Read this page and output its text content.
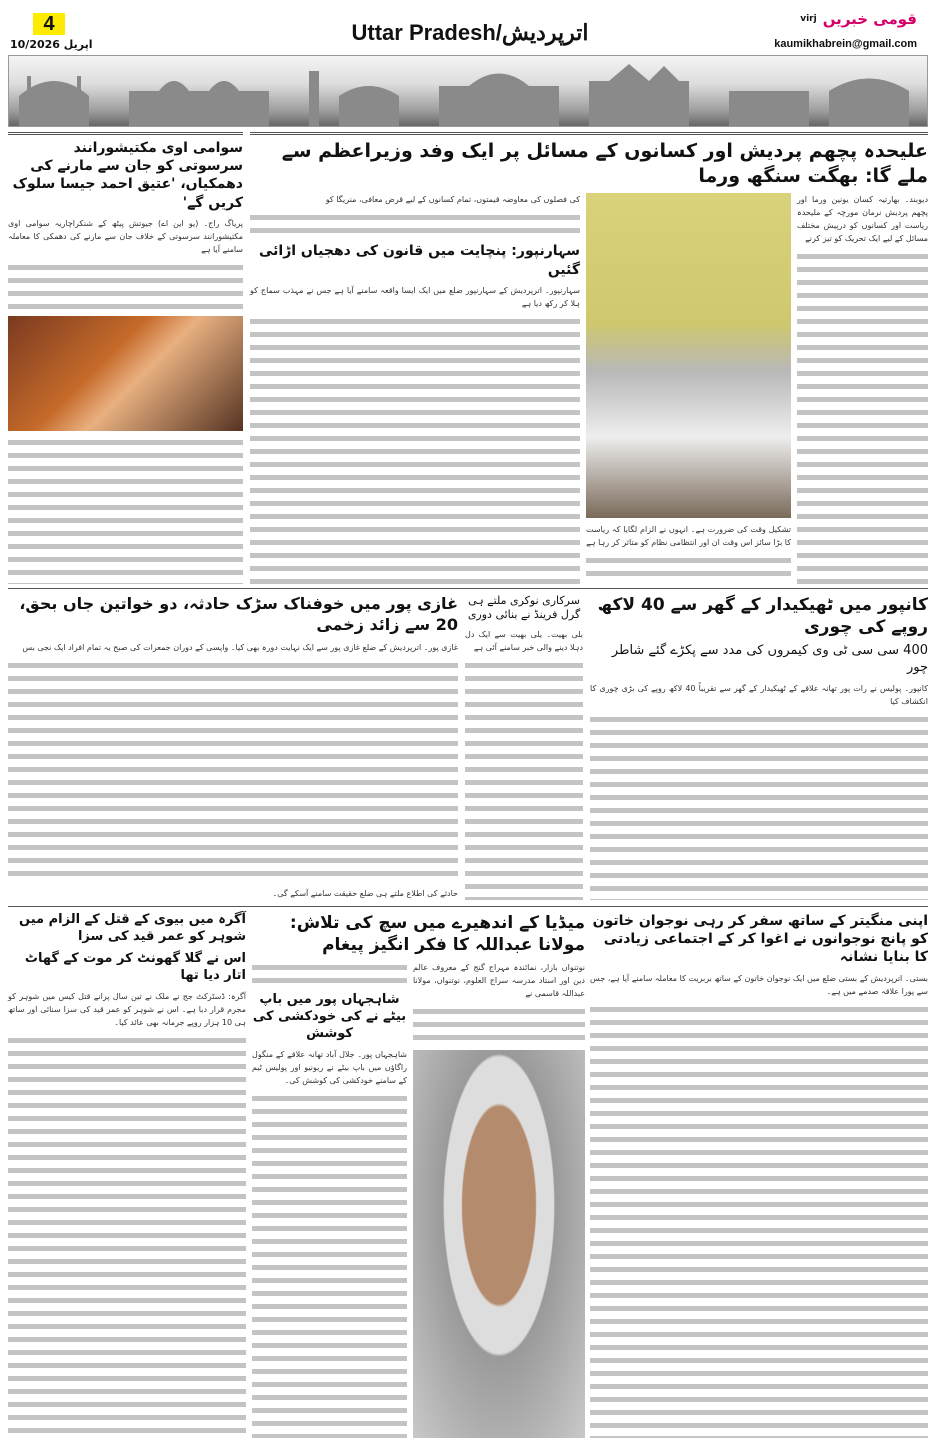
4
10/اپریل 2026	Uttar Pradesh/اترپردیش
virj قومی خبریں
kaumikhabrein@gmail.com
سوامی اوی مکتیشورانند سرسوتی کو جان سے مارنے کی دھمکیاں، 'عتیق احمد جیسا سلوک کریں گے'
پریاگ راج۔ (یو این اے) جیوتش پیٹھ کے شنکراچاریہ سوامی اوی مکتیشورانند سرسوتی کے خلاف جان سے مارنے کی دھمکی کا معاملہ سامنے آیا ہے
علیحدہ پچھم پردیش اور کسانوں کے مسائل پر ایک وفد وزیراعظم سے ملے گا: بھگت سنگھ ورما
کی فصلوں کی معاوضہ قیمتوں، تمام کسانوں کے لیے قرض معافی، منریگا کو
سہارنپور: پنچایت میں قانون کی دھجیاں اڑائی گئیں
سہارنپور۔ اترپردیش کے سہارنپور ضلع میں ایک ایسا واقعہ سامنے آیا ہے جس نے مہذب سماج کو ہلا کر رکھ دیا ہے
تشکیل وقت کی ضرورت ہے۔ انہوں نے الزام لگایا کہ ریاست کا بڑا سائز اس وقت ان اور انتظامی نظام کو متاثر کر رہا ہے
دیوبند۔ بھارتیہ کسان یونین ورما اور پچھم پردیش نرمان مورچہ کے ملیحدہ ریاست اور کسانوں کو درپیش مختلف مسائل کے لیے ایک تحریک کو تیز کرنے
کانپور میں ٹھیکیدار کے گھر سے 40 لاکھ روپے کی چوری
400 سی سی ٹی وی کیمروں کی مدد سے پکڑے گئے شاطر چور
کانپور۔ پولیس نے رات پور تھانہ علاقے کے ٹھیکیدار کے گھر سے تقریباً 40 لاکھ روپے کی بڑی چوری کا انکشاف کیا
سرکاری نوکری ملتے ہی گرل فرینڈ نے بنائی دوری
بلی بھیت۔ یلی بھیت سے ایک دل دہلا دینے والی خبر سامنے آئی ہے
غازی پور میں خوفناک سڑک حادثہ، دو خواتین جاں بحق، 20 سے زائد زخمی
غازی پور۔ اترپردیش کے ضلع غازی پور سے ایک نہایت دورہ بھی کیا۔ واپسی کے دوران جمعرات کی صبح یہ تمام افراد ایک نجی بس
حادثے کی اطلاع ملتے ہی ضلع حقیقت سامنے آسکے گی۔
آگرہ میں بیوی کے قتل کے الزام میں شوہر کو عمر قید کی سزا
اس نے گلا گھونٹ کر موت کے گھاٹ اتار دیا تھا
آگرہ: ڈسٹرکٹ جج نے ملک نے تین سال پرانے قتل کیس میں شوہر کو مجرم قرار دیا ہے۔ اس نے شوہر کو عمر قید کی سزا سنائی اور ساتھ ہی 10 ہزار روپے جرمانہ بھی عائد کیا۔
میڈیا کے اندھیرے میں سچ کی تلاش: مولانا عبداللہ کا فکر انگیز پیغام
شاہجہاں پور میں باپ بیٹے نے کی خودکشی کی کوشش
شاہجہاں پور۔ جلال آباد تھانہ علاقے کے منگول راگاؤں میں باپ بیٹے نے ریونیو اور پولیس ٹیم کے سامنے خودکشی کی کوشش کی۔
نوتنواں بازار، نمائندہ مہراج گنج کے معروف عالم دین اور استاد مدرسہ سراج العلوم، نوتنواں، مولانا عبداللہ قاسمی نے
اپنی منگیتر کے ساتھ سفر کر رہی نوجوان خاتون کو پانچ نوجوانوں نے اغوا کر کے اجتماعی زیادتی کا بنایا نشانہ
بستی۔ اترپردیش کے بستی ضلع میں ایک نوجوان خاتون کے ساتھ بربریت کا معاملہ سامنے آیا ہے، جس سے پورا علاقہ صدمے میں ہے۔
